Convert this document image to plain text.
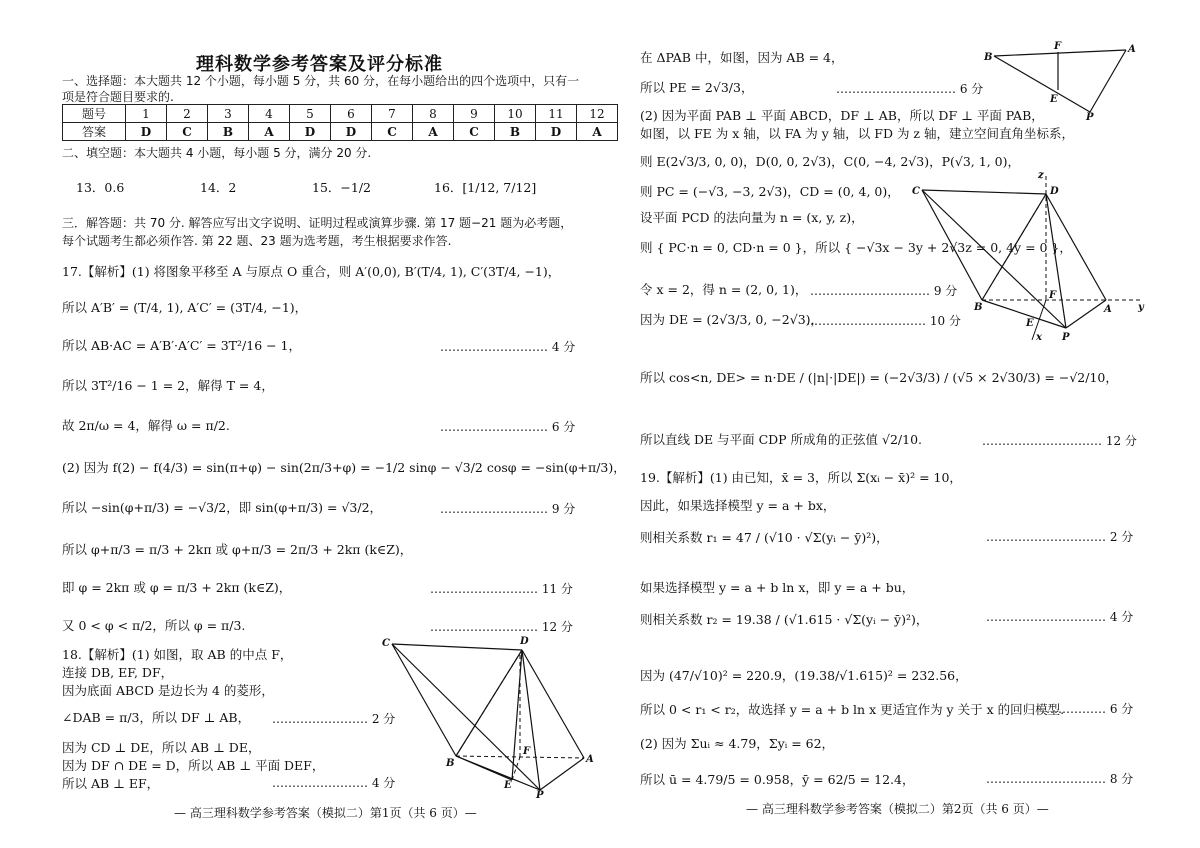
理科数学参考答案及评分标准
一、选择题：本大题共 12 个小题，每小题 5 分，共 60 分，在每小题给出的四个选项中，只有一
项是符合题目要求的.
题号	1	2	3	4	5	6	7	8	9	10	11	12
答案	D	C	B	A	D	D	C	A	C	B	D	A
二、填空题：本大题共 4 小题，每小题 5 分，满分 20 分.
13．0.6	14．2	15．−1/2	16．[1/12, 7/12]
三．解答题：共 70 分. 解答应写出文字说明、证明过程或演算步骤. 第 17 题−21 题为必考题，
每个试题考生都必须作答. 第 22 题、23 题为选考题，考生根据要求作答.
17.【解析】(1) 将图象平移至 A 与原点 O 重合，则 A′(0,0), B′(T/4, 1), C′(3T/4, −1)，
所以 A′B′ = (T/4, 1), A′C′ = (3T/4, −1)，
所以 AB·AC = A′B′·A′C′ = 3T²/16 − 1，	……………………… 4 分
所以 3T²/16 − 1 = 2，解得 T = 4，
故 2π/ω = 4，解得 ω = π/2.	……………………… 6 分
(2) 因为 f(2) − f(4/3) = sin(π+φ) − sin(2π/3+φ) = −1/2 sinφ − √3/2 cosφ = −sin(φ+π/3)，
所以 −sin(φ+π/3) = −√3/2，即 sin(φ+π/3) = √3/2，	……………………… 9 分
所以 φ+π/3 = π/3 + 2kπ 或 φ+π/3 = 2π/3 + 2kπ (k∈Z)，
即 φ = 2kπ 或 φ = π/3 + 2kπ (k∈Z)，	……………………… 11 分
又 0 < φ < π/2，所以 φ = π/3.	……………………… 12 分
18.【解析】(1) 如图，取 AB 的中点 F，
连接 DB, EF, DF，
因为底面 ABCD 是边长为 4 的菱形，
∠DAB = π/3，所以 DF ⊥ AB， …………………… 2 分
因为 CD ⊥ DE，所以 AB ⊥ DE，
因为 DF ∩ DE = D，所以 AB ⊥ 平面 DEF，
所以 AB ⊥ EF，	…………………… 4 分
C	D
B
F
E
A
P
— 高三理科数学参考答案（模拟二）第1页（共 6 页）—
在 ΔPAB 中，如图，因为 AB = 4，
所以 PE = 2√3/3，	………………………… 6 分
B
F	A
E
P
(2) 因为平面 PAB ⊥ 平面 ABCD，DF ⊥ AB，所以 DF ⊥ 平面 PAB，
如图，以 FE 为 x 轴，以 FA 为 y 轴，以 FD 为 z 轴，建立空间直角坐标系，
则 E(2√3/3, 0, 0)，D(0, 0, 2√3)，C(0, −4, 2√3)，P(√3, 1, 0)，
则 PC = (−√3, −3, 2√3)，CD = (0, 4, 0)，
设平面 PCD 的法向量为 n = (x, y, z)，
则 { PC·n = 0, CD·n = 0 }，所以 { −√3x − 3y + 2√3z = 0, 4y = 0 }，
令 x = 2，得 n = (2, 0, 1)， ………………………… 9 分
因为 DE = (2√3/3, 0, −2√3)，
………………………… 10 分
C	D
z
B
F
A	y
E
x P
所以 cos<n, DE> = n·DE / (|n|·|DE|) = (−2√3/3) / (√5 × 2√30/3) = −√2/10，
所以直线 DE 与平面 CDP 所成角的正弦值 √2/10.	………………………… 12 分
19.【解析】(1) 由已知，x̄ = 3，所以 Σ(xᵢ − x̄)² = 10，
因此，如果选择模型 y = a + bx，
则相关系数 r₁ = 47 / (√10 · √Σ(yᵢ − ȳ)²)，	………………………… 2 分
如果选择模型 y = a + b ln x，即 y = a + bu，
则相关系数 r₂ = 19.38 / (√1.615 · √Σ(yᵢ − ȳ)²)，	………………………… 4 分
因为 (47/√10)² = 220.9，(19.38/√1.615)² = 232.56，
所以 0 < r₁ < r₂，故选择 y = a + b ln x 更适宜作为 y 关于 x 的回归模型.
…………… 6 分
(2) 因为 Σuᵢ ≈ 4.79，Σyᵢ = 62，
所以 ū = 4.79/5 = 0.958，ȳ = 62/5 = 12.4，	………………………… 8 分
— 高三理科数学参考答案（模拟二）第2页（共 6 页）—
